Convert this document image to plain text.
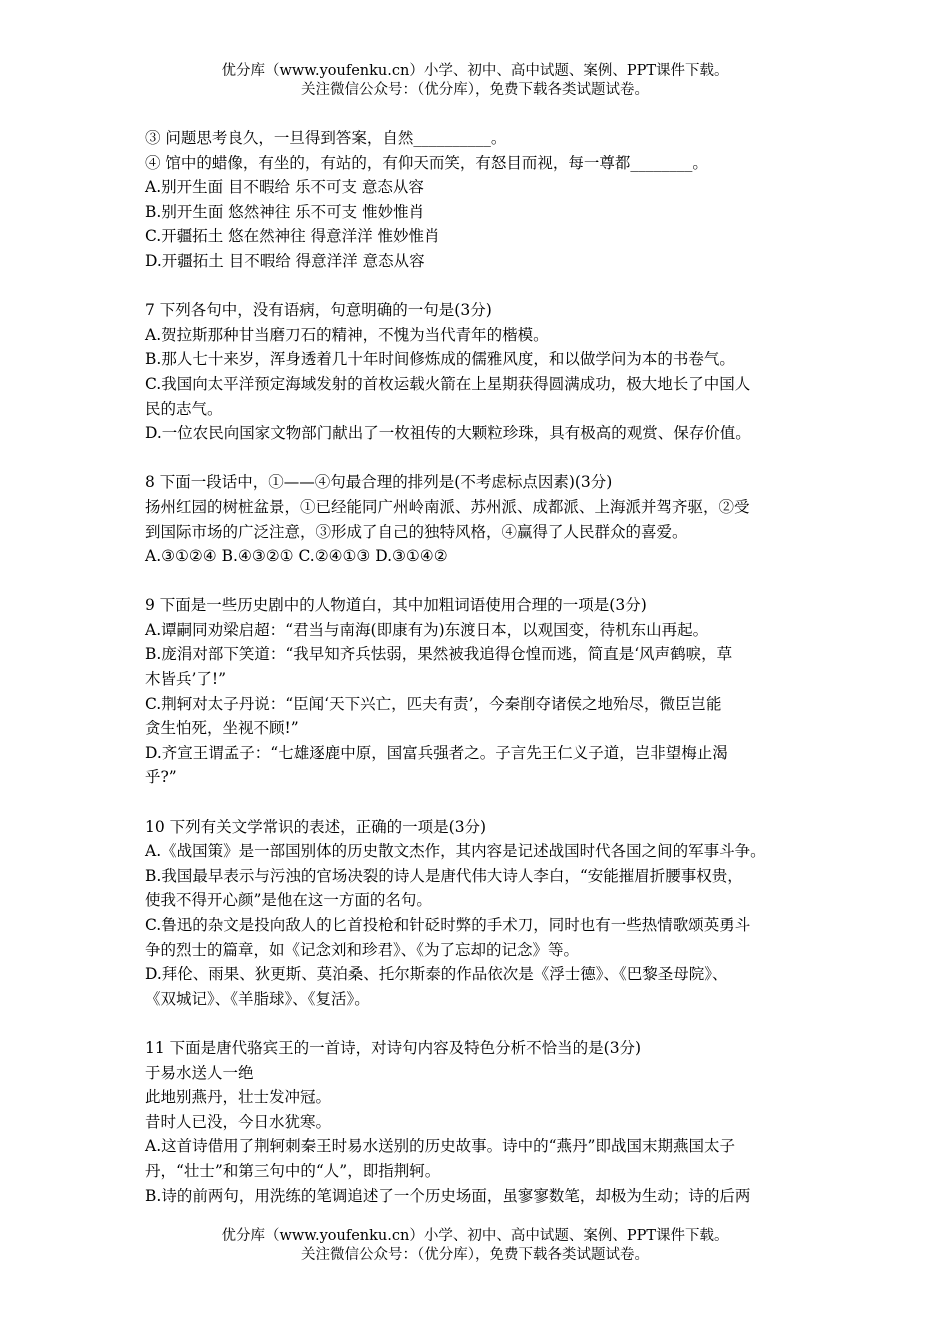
优分库（www.youfenku.cn）小学、初中、高中试题、案例、PPT课件下载。
关注微信公众号：（优分库），免费下载各类试题试卷。
③ 问题思考良久，一旦得到答案，自然__________。
④ 馆中的蜡像，有坐的，有站的，有仰天而笑，有怒目而视，每一尊都________。
A.别开生面 目不暇给 乐不可支 意态从容
B.别开生面 悠然神往 乐不可支 惟妙惟肖
C.开疆拓土 悠在然神往 得意洋洋 惟妙惟肖
D.开疆拓土 目不暇给 得意洋洋 意态从容
7 下列各句中，没有语病，句意明确的一句是(3分)
A.贺拉斯那种甘当磨刀石的精神，不愧为当代青年的楷模。
B.那人七十来岁，浑身透着几十年时间修炼成的儒雅风度，和以做学问为本的书卷气。
C.我国向太平洋预定海域发射的首枚运载火箭在上星期获得圆满成功，极大地长了中国人
民的志气。
D.一位农民向国家文物部门献出了一枚祖传的大颗粒珍珠，具有极高的观赏、保存价值。
8 下面一段话中，①——④句最合理的排列是(不考虑标点因素)(3分)
扬州红园的树桩盆景，①已经能同广州岭南派、苏州派、成都派、上海派并驾齐驱，②受
到国际市场的广泛注意，③形成了自己的独特风格，④赢得了人民群众的喜爱。
A.③①②④ B.④③②① C.②④①③ D.③①④②
9 下面是一些历史剧中的人物道白，其中加粗词语使用合理的一项是(3分)
A.谭嗣同劝梁启超：“君当与南海(即康有为)东渡日本，以观国变，待机东山再起。
B.庞涓对部下笑道：“我早知齐兵怯弱，果然被我追得仓惶而逃，简直是‘风声鹤唳，草
木皆兵’了!”
C.荆轲对太子丹说：“臣闻‘天下兴亡，匹夫有责’，今秦削夺诸侯之地殆尽，微臣岂能
贪生怕死，坐视不顾!”
D.齐宣王谓孟子：“七雄逐鹿中原，国富兵强者之。子言先王仁义子道，岂非望梅止渴
乎?”
10 下列有关文学常识的表述，正确的一项是(3分)
A.《战国策》是一部国别体的历史散文杰作，其内容是记述战国时代各国之间的军事斗争。
B.我国最早表示与污浊的官场决裂的诗人是唐代伟大诗人李白，“安能摧眉折腰事权贵，
使我不得开心颜”是他在这一方面的名句。
C.鲁迅的杂文是投向敌人的匕首投枪和针砭时弊的手术刀，同时也有一些热情歌颂英勇斗
争的烈士的篇章，如《记念刘和珍君》、《为了忘却的记念》等。
D.拜伦、雨果、狄更斯、莫泊桑、托尔斯泰的作品依次是《浮士德》、《巴黎圣母院》、
《双城记》、《羊脂球》、《复活》。
11 下面是唐代骆宾王的一首诗，对诗句内容及特色分析不恰当的是(3分)
于易水送人一绝
此地别燕丹，壮士发冲冠。
昔时人已没，今日水犹寒。
A.这首诗借用了荆轲刺秦王时易水送别的历史故事。诗中的“燕丹”即战国末期燕国太子
丹，“壮士”和第三句中的“人”，即指荆轲。
B.诗的前两句，用洗练的笔调追述了一个历史场面，虽寥寥数笔，却极为生动；诗的后两
优分库（www.youfenku.cn）小学、初中、高中试题、案例、PPT课件下载。
关注微信公众号：（优分库），免费下载各类试题试卷。
